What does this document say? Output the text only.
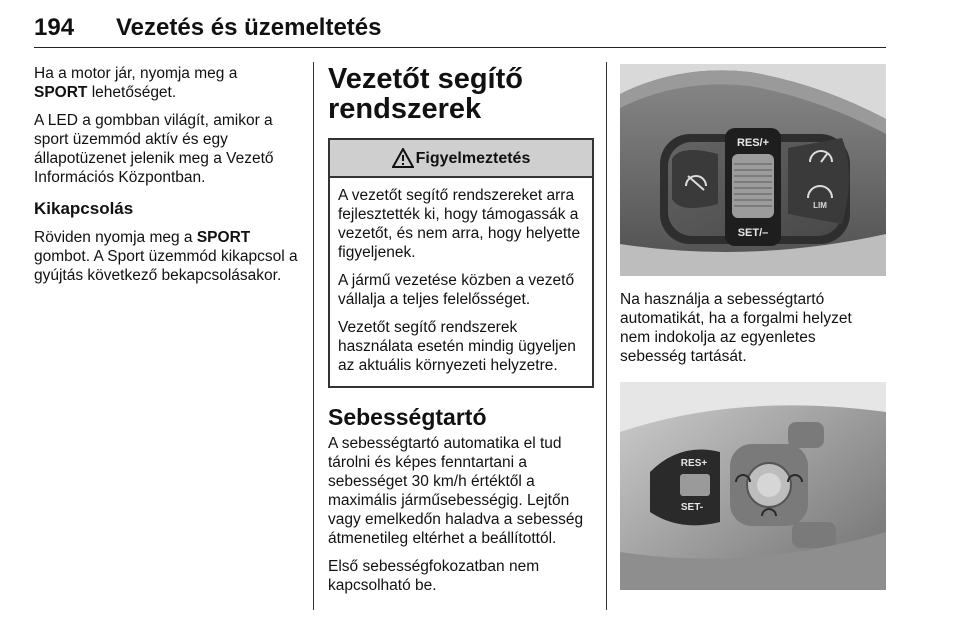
194 Vezetés és üzemeltetés

Ha a motor jár, nyomja meg a
SPORT lehetőséget.

A LED a gombban világít, amikor a sport üzemmód aktív és egy állapotüzenet jelenik meg a Vezető Információs Központban.

Kikapcsolás

Röviden nyomja meg a SPORT gombot. A Sport üzemmód kikapcsol a gyújtás következő bekapcsolásakor.

Vezetőt segítő
rendszerek
Figyelmeztetés

A vezetőt segítő rendszereket arra fejlesztették ki, hogy támogassák a vezetőt, és nem arra, hogy helyette figyeljenek.

A jármű vezetése közben a vezető vállalja a teljes felelősséget.

Vezetőt segítő rendszerek használata esetén mindig ügyeljen az aktuális környezeti helyzetre.

Sebességtartó

A sebességtartó automatika el tud tárolni és képes fenntartani a sebességet 30 km/h értéktől a maximális járműsebességig. Lejtőn vagy emelkedőn haladva a sebesség átmenetileg eltérhet a beállítottól.

Első sebességfokozatban nem kapcsolható be.

RES/+
SET/–
LIM

Na használja a sebességtartó automatikát, ha a forgalmi helyzet nem indokolja az egyenletes sebesség tartását.

RES+
SET-
